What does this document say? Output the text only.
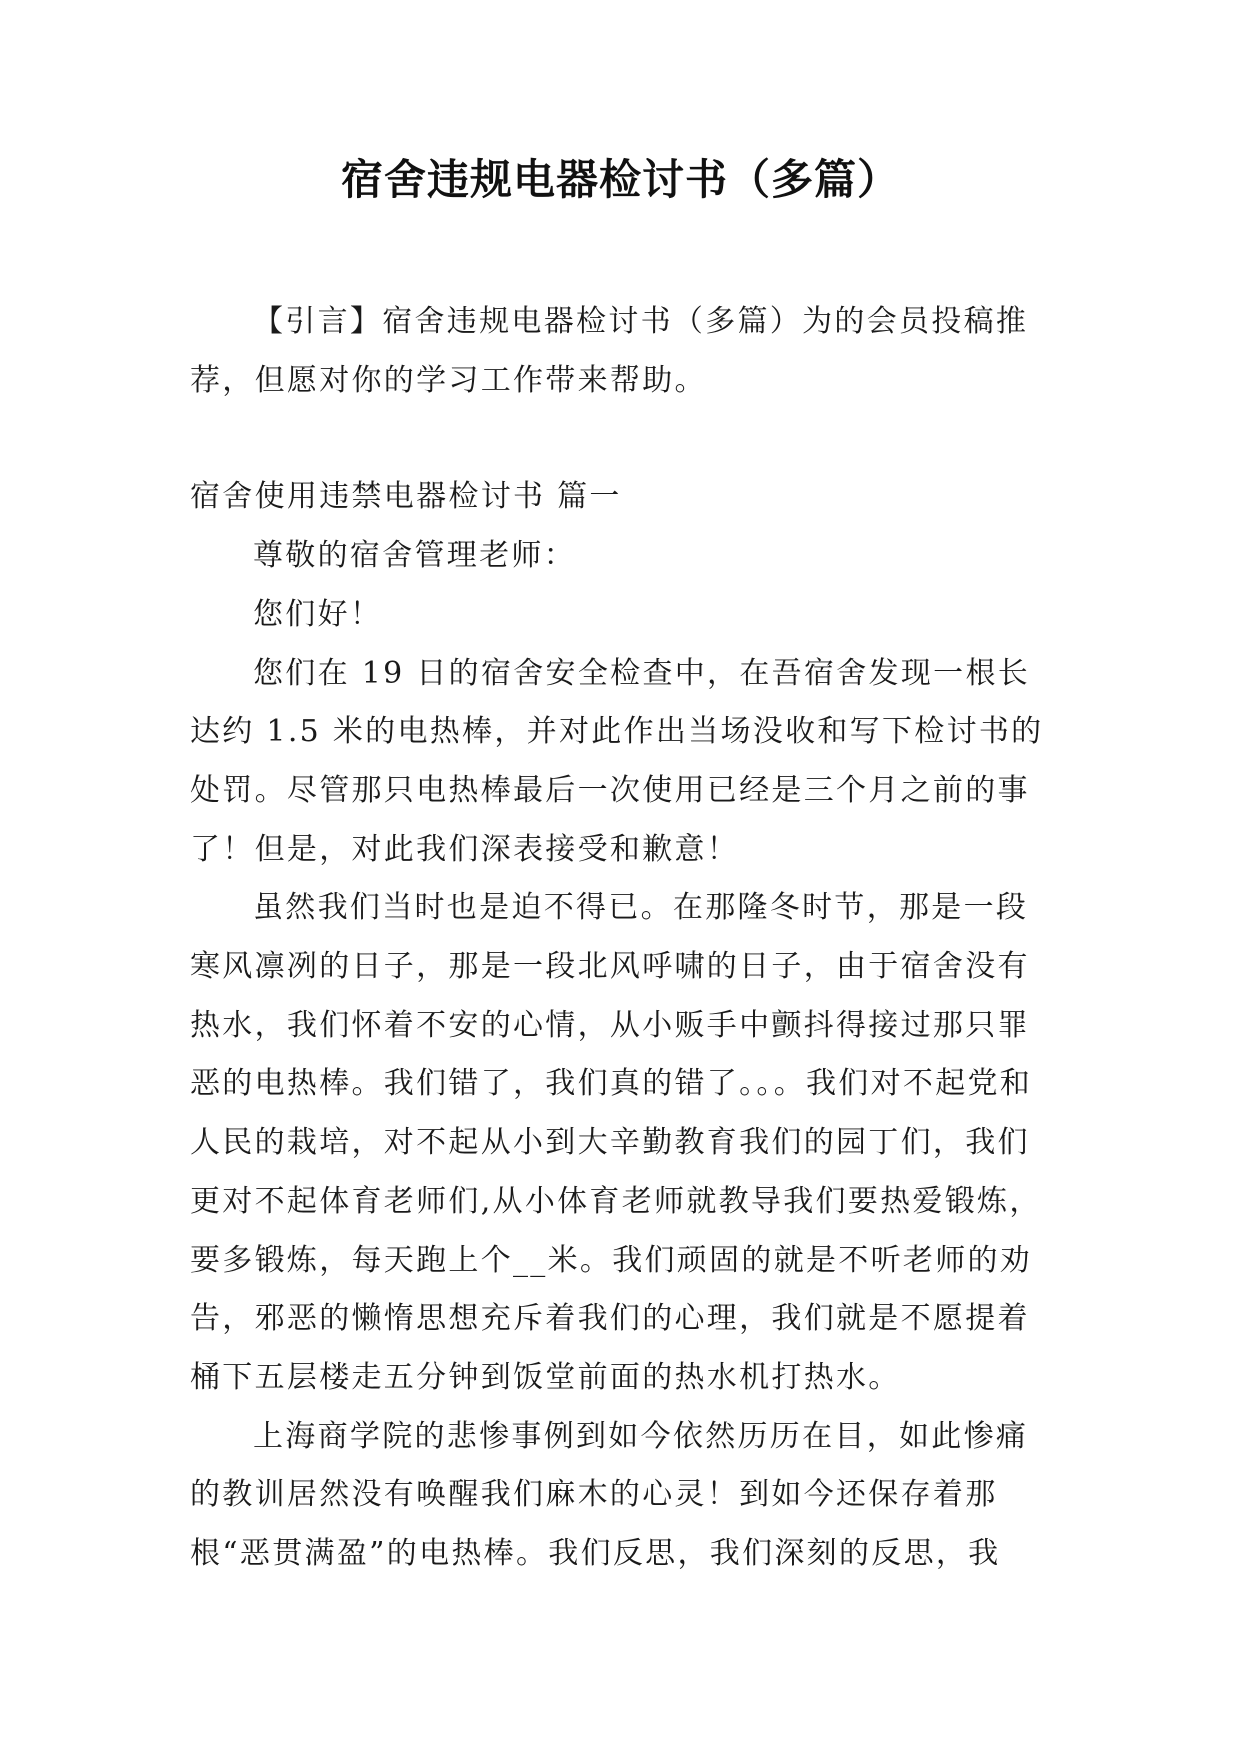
宿舍违规电器检讨书（多篇）

【引言】宿舍违规电器检讨书（多篇）为的会员投稿推
荐，但愿对你的学习工作带来帮助。

宿舍使用违禁电器检讨书 篇一

尊敬的宿舍管理老师：

您们好！

您们在 19 日的宿舍安全检查中，在吾宿舍发现一根长
达约 1.5 米的电热棒，并对此作出当场没收和写下检讨书的
处罚。尽管那只电热棒最后一次使用已经是三个月之前的事
了！但是，对此我们深表接受和歉意！

虽然我们当时也是迫不得已。在那隆冬时节，那是一段
寒风凛冽的日子，那是一段北风呼啸的日子，由于宿舍没有
热水，我们怀着不安的心情，从小贩手中颤抖得接过那只罪
恶的电热棒。我们错了，我们真的错了。。。我们对不起党和
人民的栽培，对不起从小到大辛勤教育我们的园丁们，我们
更对不起体育老师们,从小体育老师就教导我们要热爱锻炼，
要多锻炼，每天跑上个__米。我们顽固的就是不听老师的劝
告，邪恶的懒惰思想充斥着我们的心理，我们就是不愿提着
桶下五层楼走五分钟到饭堂前面的热水机打热水。

上海商学院的悲惨事例到如今依然历历在目，如此惨痛
的教训居然没有唤醒我们麻木的心灵！到如今还保存着那
根“恶贯满盈”的电热棒。我们反思，我们深刻的反思，我
